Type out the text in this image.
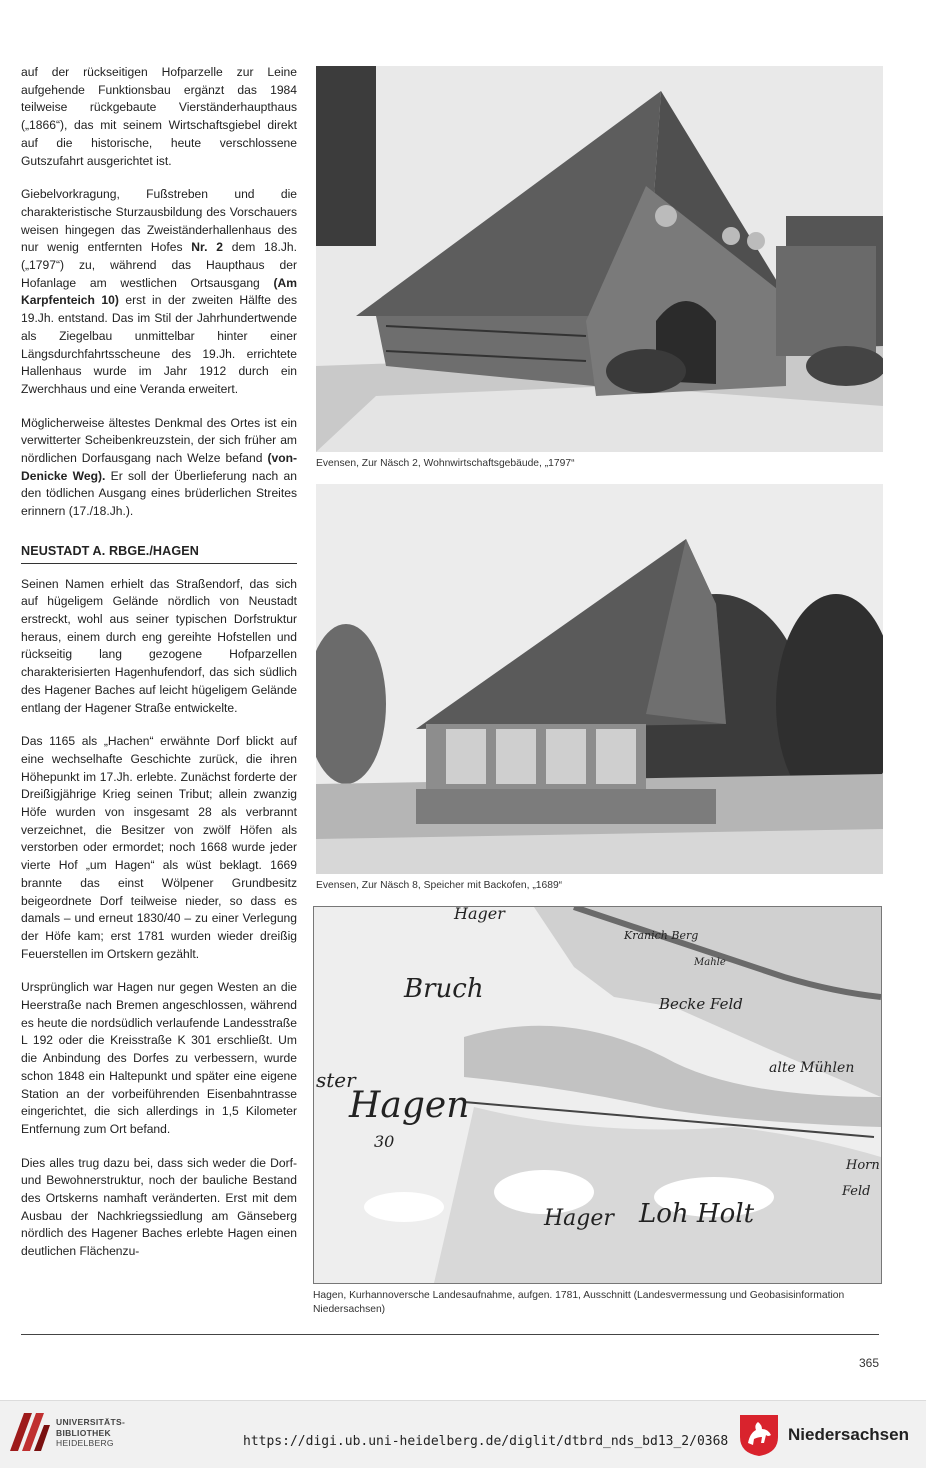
auf der rückseitigen Hofparzelle zur Leine aufgehende Funktionsbau ergänzt das 1984 teilweise rückgebaute Vierständerhaupthaus („1866“), das mit seinem Wirtschaftsgiebel direkt auf die historische, heute verschlossene Gutszufahrt ausgerichtet ist.

Giebelvorkragung, Fußstreben und die charakteristische Sturzausbildung des Vorschauers weisen hingegen das Zweiständerhallenhaus des nur wenig entfernten Hofes Nr. 2 dem 18.Jh. („1797“) zu, während das Haupthaus der Hofanlage am westlichen Ortsausgang (Am Karpfenteich 10) erst in der zweiten Hälfte des 19.Jh. entstand. Das im Stil der Jahrhundertwende als Ziegelbau unmittelbar hinter einer Längsdurchfahrtsscheune des 19.Jh. errichtete Hallenhaus wurde im Jahr 1912 durch ein Zwerchhaus und eine Veranda erweitert.

Möglicherweise ältestes Denkmal des Ortes ist ein verwitterter Scheibenkreuzstein, der sich früher am nördlichen Dorfausgang nach Welze befand (von-Denicke Weg). Er soll der Überlieferung nach an den tödlichen Ausgang eines brüderlichen Streites erinnern (17./18.Jh.).

NEUSTADT A. RBGE./HAGEN

Seinen Namen erhielt das Straßendorf, das sich auf hügeligem Gelände nördlich von Neustadt erstreckt, wohl aus seiner typischen Dorfstruktur heraus, einem durch eng gereihte Hofstellen und rückseitig lang gezogene Hofparzellen charakterisierten Hagenhufendorf, das sich südlich des Hagener Baches auf leicht hügeligem Gelände entlang der Hagener Straße entwickelte.

Das 1165 als „Hachen“ erwähnte Dorf blickt auf eine wechselhafte Geschichte zurück, die ihren Höhepunkt im 17.Jh. erlebte. Zunächst forderte der Dreißigjährige Krieg seinen Tribut; allein zwanzig Höfe wurden von insgesamt 28 als verbrannt verzeichnet, die Besitzer von zwölf Höfen als verstorben oder ermordet; noch 1668 wurde jeder vierte Hof „um Hagen“ als wüst beklagt. 1669 brannte das einst Wölpener Grundbesitz beigeordnete Dorf teilweise nieder, so dass es damals – und erneut 1830/40 – zu einer Verlegung der Höfe kam; erst 1781 wurden wieder dreißig Feuerstellen im Ortskern gezählt.

Ursprünglich war Hagen nur gegen Westen an die Heerstraße nach Bremen angeschlossen, während es heute die nordsüdlich verlaufende Landesstraße L 192 oder die Kreisstraße K 301 erschließt. Um die Anbindung des Dorfes zu verbessern, wurde schon 1848 ein Haltepunkt und später eine eigene Station an der vorbeiführenden Eisenbahntrasse eingerichtet, die sich allerdings in 1,5 Kilometer Entfernung zum Ort befand.

Dies alles trug dazu bei, dass sich weder die Dorf- und Bewohnerstruktur, noch der bauliche Bestand des Ortskerns namhaft veränderten. Erst mit dem Ausbau der Nachkriegssiedlung am Gänseberg nördlich des Hagener Baches erlebte Hagen einen deutlichen Flächenzu-

Evensen, Zur Näsch 2, Wohnwirtschaftsgebäude, „1797“
Evensen, Zur Näsch 8, Speicher mit Backofen, „1689“
Hager
Bruch
Hagen
30
ster
Kranich Berg
Mahle
Becke Feld
alte Mühlen
Horn
Feld
Hager Loh Holt
Hagen, Kurhannoversche Landesaufnahme, aufgen. 1781, Ausschnitt (Landesvermessung und Geobasisinformation Niedersachsen)
365
UNIVERSITÄTS-
BIBLIOTHEK
HEIDELBERG	https://digi.ub.uni-heidelberg.de/diglit/dtbrd_nds_bd13_2/0368	Niedersachsen
